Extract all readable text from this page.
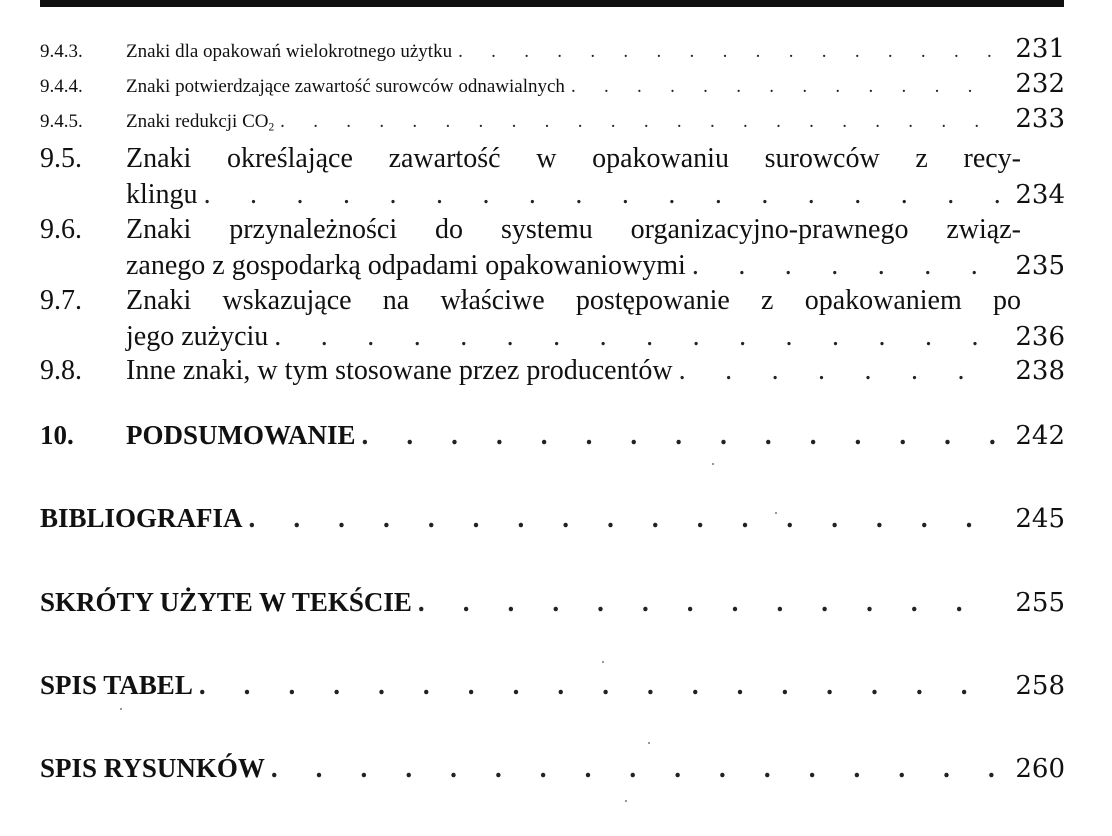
9.4.3.	Znaki dla opakowań wielokrotnego użytku . . .	231
9.4.4.	Znaki potwierdzające zawartość surowców odnawialnych . . .	232
9.4.5.	Znaki redukcji $CO_2$ . . .	233
9.5.	Znaki określające zawartość w opakowaniu surowców z recy-
klingu . . .	234
9.6.	Znaki przynależności do systemu organizacyjno-prawnego związ-
zanego z gospodarką odpadami opakowaniowymi . . .	235
9.7.	Znaki wskazujące na właściwe postępowanie z opakowaniem po
jego zużyciu . . .	236
9.8.	Inne znaki, w tym stosowane przez producentów . . .	238
10.	PODSUMOWANIE . . .	242
BIBLIOGRAFIA . . .	245
SKRÓTY UŻYTE W TEKŚCIE . . .	255
SPIS TABEL . . .	258
SPIS RYSUNKÓW . . .	260
